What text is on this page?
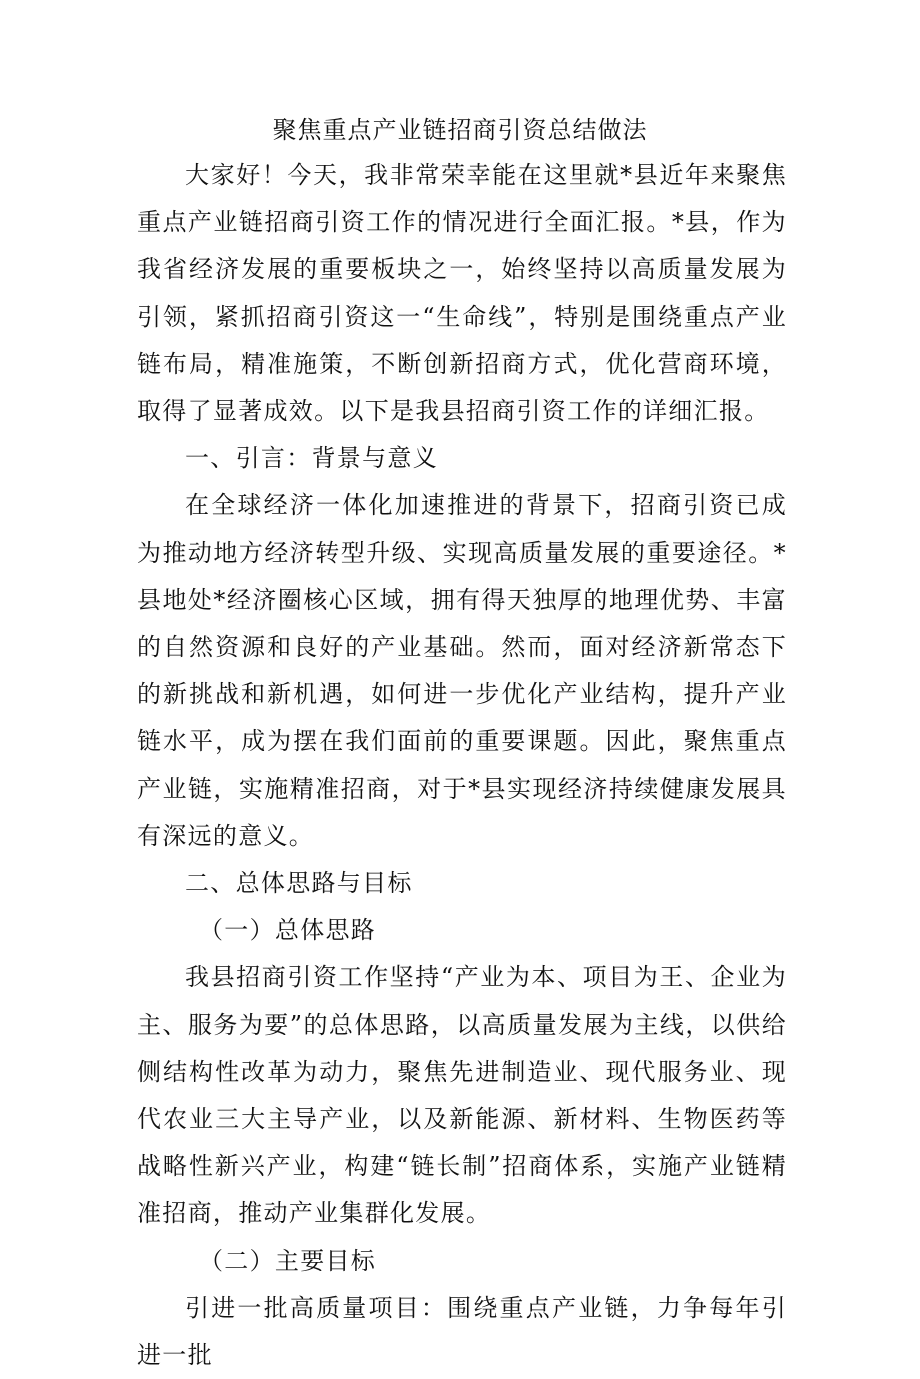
聚焦重点产业链招商引资总结做法

大家好！今天，我非常荣幸能在这里就*县近年来聚焦重点产业链招商引资工作的情况进行全面汇报。*县，作为我省经济发展的重要板块之一，始终坚持以高质量发展为引领，紧抓招商引资这一“生命线”，特别是围绕重点产业链布局，精准施策，不断创新招商方式，优化营商环境，取得了显著成效。以下是我县招商引资工作的详细汇报。

一、引言：背景与意义

在全球经济一体化加速推进的背景下，招商引资已成为推动地方经济转型升级、实现高质量发展的重要途径。*县地处*经济圈核心区域，拥有得天独厚的地理优势、丰富的自然资源和良好的产业基础。然而，面对经济新常态下的新挑战和新机遇，如何进一步优化产业结构，提升产业链水平，成为摆在我们面前的重要课题。因此，聚焦重点产业链，实施精准招商，对于*县实现经济持续健康发展具有深远的意义。

二、总体思路与目标

（一）总体思路

我县招商引资工作坚持“产业为本、项目为王、企业为主、服务为要”的总体思路，以高质量发展为主线，以供给侧结构性改革为动力，聚焦先进制造业、现代服务业、现代农业三大主导产业，以及新能源、新材料、生物医药等战略性新兴产业，构建“链长制”招商体系，实施产业链精准招商，推动产业集群化发展。

（二）主要目标

引进一批高质量项目：围绕重点产业链，力争每年引进一批
